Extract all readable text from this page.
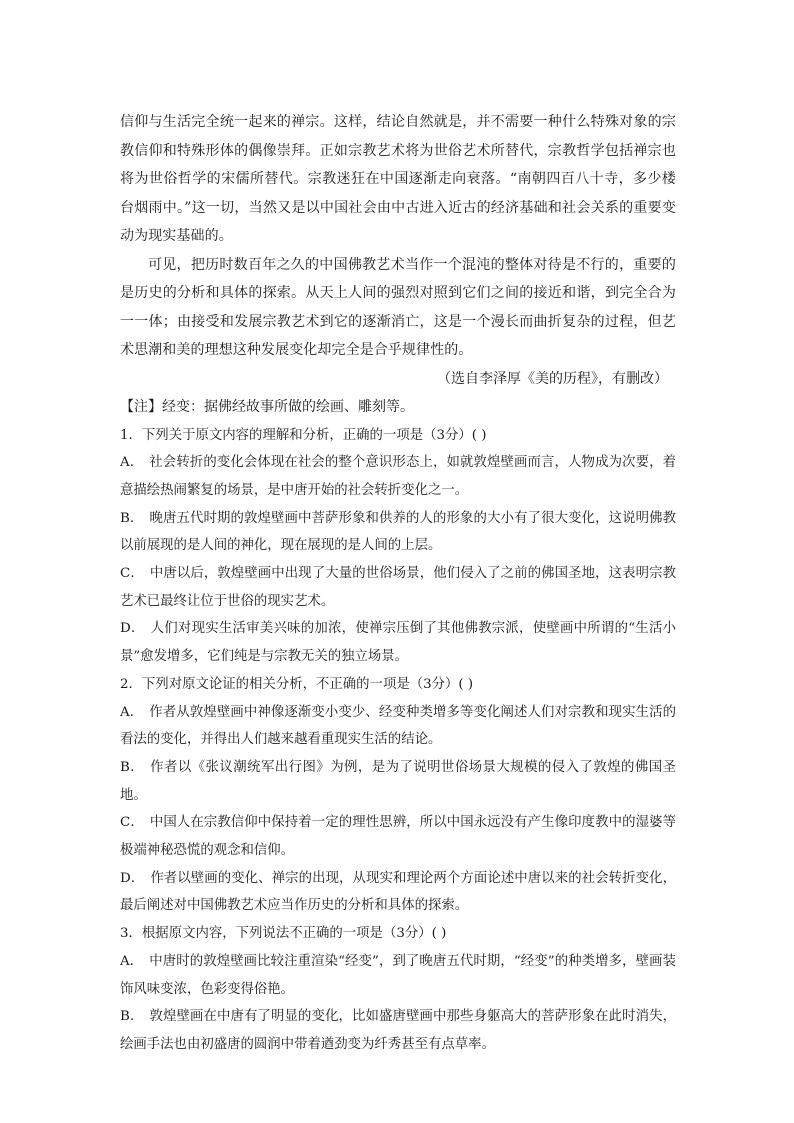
信仰与生活完全统一起来的禅宗。这样，结论自然就是，并不需要一种什么特殊对象的宗教信仰和特殊形体的偶像崇拜。正如宗教艺术将为世俗艺术所替代，宗教哲学包括禅宗也将为世俗哲学的宋儒所替代。宗教迷狂在中国逐渐走向衰落。“南朝四百八十寺，多少楼台烟雨中。”这一切，当然又是以中国社会由中古进入近古的经济基础和社会关系的重要变动为现实基础的。

可见，把历时数百年之久的中国佛教艺术当作一个混沌的整体对待是不行的，重要的是历史的分析和具体的探索。从天上人间的强烈对照到它们之间的接近和谐，到完全合为一一体；由接受和发展宗教艺术到它的逐渐消亡，这是一个漫长而曲折复杂的过程，但艺术思潮和美的理想这种发展变化却完全是合乎规律性的。

（选自李泽厚《美的历程》，有删改）

【注】经变：据佛经故事所做的绘画、雕刻等。

1．下列关于原文内容的理解和分析，正确的一项是（3分）( )

A． 社会转折的变化会体现在社会的整个意识形态上，如就敦煌壁画而言，人物成为次要，着意描绘热闹繁复的场景，是中唐开始的社会转折变化之一。

B． 晚唐五代时期的敦煌壁画中菩萨形象和供养的人的形象的大小有了很大变化，这说明佛教以前展现的是人间的神化，现在展现的是人间的上层。

C． 中唐以后，敦煌壁画中出现了大量的世俗场景，他们侵入了之前的佛国圣地，这表明宗教艺术已最终让位于世俗的现实艺术。

D． 人们对现实生活审美兴味的加浓，使禅宗压倒了其他佛教宗派，使壁画中所谓的“生活小景”愈发增多，它们纯是与宗教无关的独立场景。

2．下列对原文论证的相关分析，不正确的一项是（3分）( )

A． 作者从敦煌壁画中神像逐渐变小变少、经变种类增多等变化阐述人们对宗教和现实生活的看法的变化，并得出人们越来越看重现实生活的结论。

B． 作者以《张议潮统军出行图》为例，是为了说明世俗场景大规模的侵入了敦煌的佛国圣地。

C． 中国人在宗教信仰中保持着一定的理性思辨，所以中国永远没有产生像印度教中的湿婆等极端神秘恐慌的观念和信仰。

D． 作者以壁画的变化、禅宗的出现，从现实和理论两个方面论述中唐以来的社会转折变化，最后阐述对中国佛教艺术应当作历史的分析和具体的探索。

3．根据原文内容，下列说法不正确的一项是（3分）( )

A． 中唐时的敦煌壁画比较注重渲染“经变”，到了晚唐五代时期，“经变”的种类增多，壁画装饰风味变浓，色彩变得俗艳。

B． 敦煌壁画在中唐有了明显的变化，比如盛唐壁画中那些身躯高大的菩萨形象在此时消失，绘画手法也由初盛唐的圆润中带着遒劲变为纤秀甚至有点草率。
